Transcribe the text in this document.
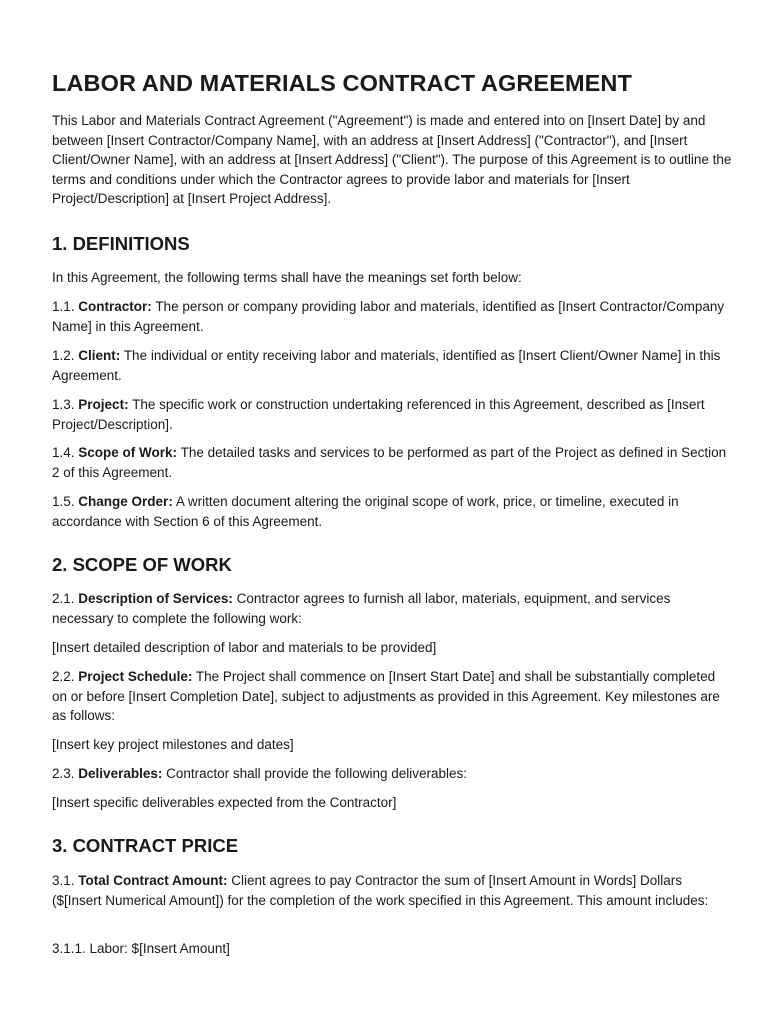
LABOR AND MATERIALS CONTRACT AGREEMENT

This Labor and Materials Contract Agreement ("Agreement") is made and entered into on [Insert Date] by and between [Insert Contractor/Company Name], with an address at [Insert Address] ("Contractor"), and [Insert Client/Owner Name], with an address at [Insert Address] ("Client"). The purpose of this Agreement is to outline the terms and conditions under which the Contractor agrees to provide labor and materials for [Insert Project/Description] at [Insert Project Address].

1. DEFINITIONS

In this Agreement, the following terms shall have the meanings set forth below:

1.1. Contractor: The person or company providing labor and materials, identified as [Insert Contractor/Company Name] in this Agreement.

1.2. Client: The individual or entity receiving labor and materials, identified as [Insert Client/Owner Name] in this Agreement.

1.3. Project: The specific work or construction undertaking referenced in this Agreement, described as [Insert Project/Description].

1.4. Scope of Work: The detailed tasks and services to be performed as part of the Project as defined in Section 2 of this Agreement.

1.5. Change Order: A written document altering the original scope of work, price, or timeline, executed in accordance with Section 6 of this Agreement.

2. SCOPE OF WORK

2.1. Description of Services: Contractor agrees to furnish all labor, materials, equipment, and services necessary to complete the following work:

[Insert detailed description of labor and materials to be provided]

2.2. Project Schedule: The Project shall commence on [Insert Start Date] and shall be substantially completed on or before [Insert Completion Date], subject to adjustments as provided in this Agreement. Key milestones are as follows:

[Insert key project milestones and dates]

2.3. Deliverables: Contractor shall provide the following deliverables:

[Insert specific deliverables expected from the Contractor]

3. CONTRACT PRICE

3.1. Total Contract Amount: Client agrees to pay Contractor the sum of [Insert Amount in Words] Dollars ($[Insert Numerical Amount]) for the completion of the work specified in this Agreement. This amount includes:

3.1.1. Labor: $[Insert Amount]
